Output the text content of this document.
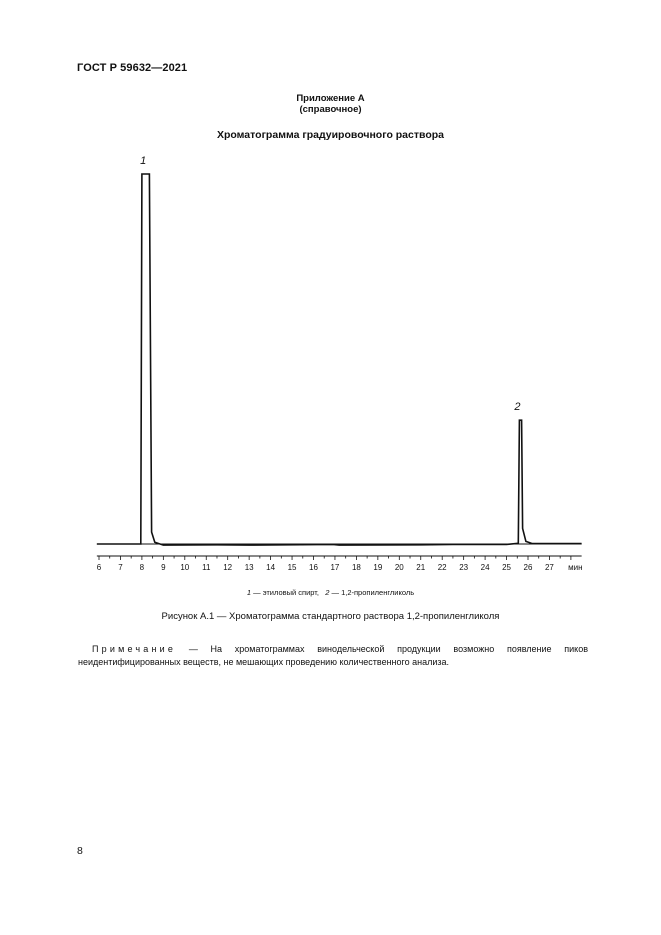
ГОСТ Р 59632—2021
Приложение А
(справочное)
Хроматограмма градуировочного раствора
6 7 8 9 10 11 12 13 14 15 16 17 18 19 20 21 22 23 24 25 26 27 мин
1
2
1 — этиловый спирт, 2 — 1,2-пропиленгликоль
Рисунок А.1 — Хроматограмма стандартного раствора 1,2-пропиленгликоля
Примечание — На хроматограммах винодельческой продукции возможно появление пиков неидентифицированных веществ, не мешающих проведению количественного анализа.
8
